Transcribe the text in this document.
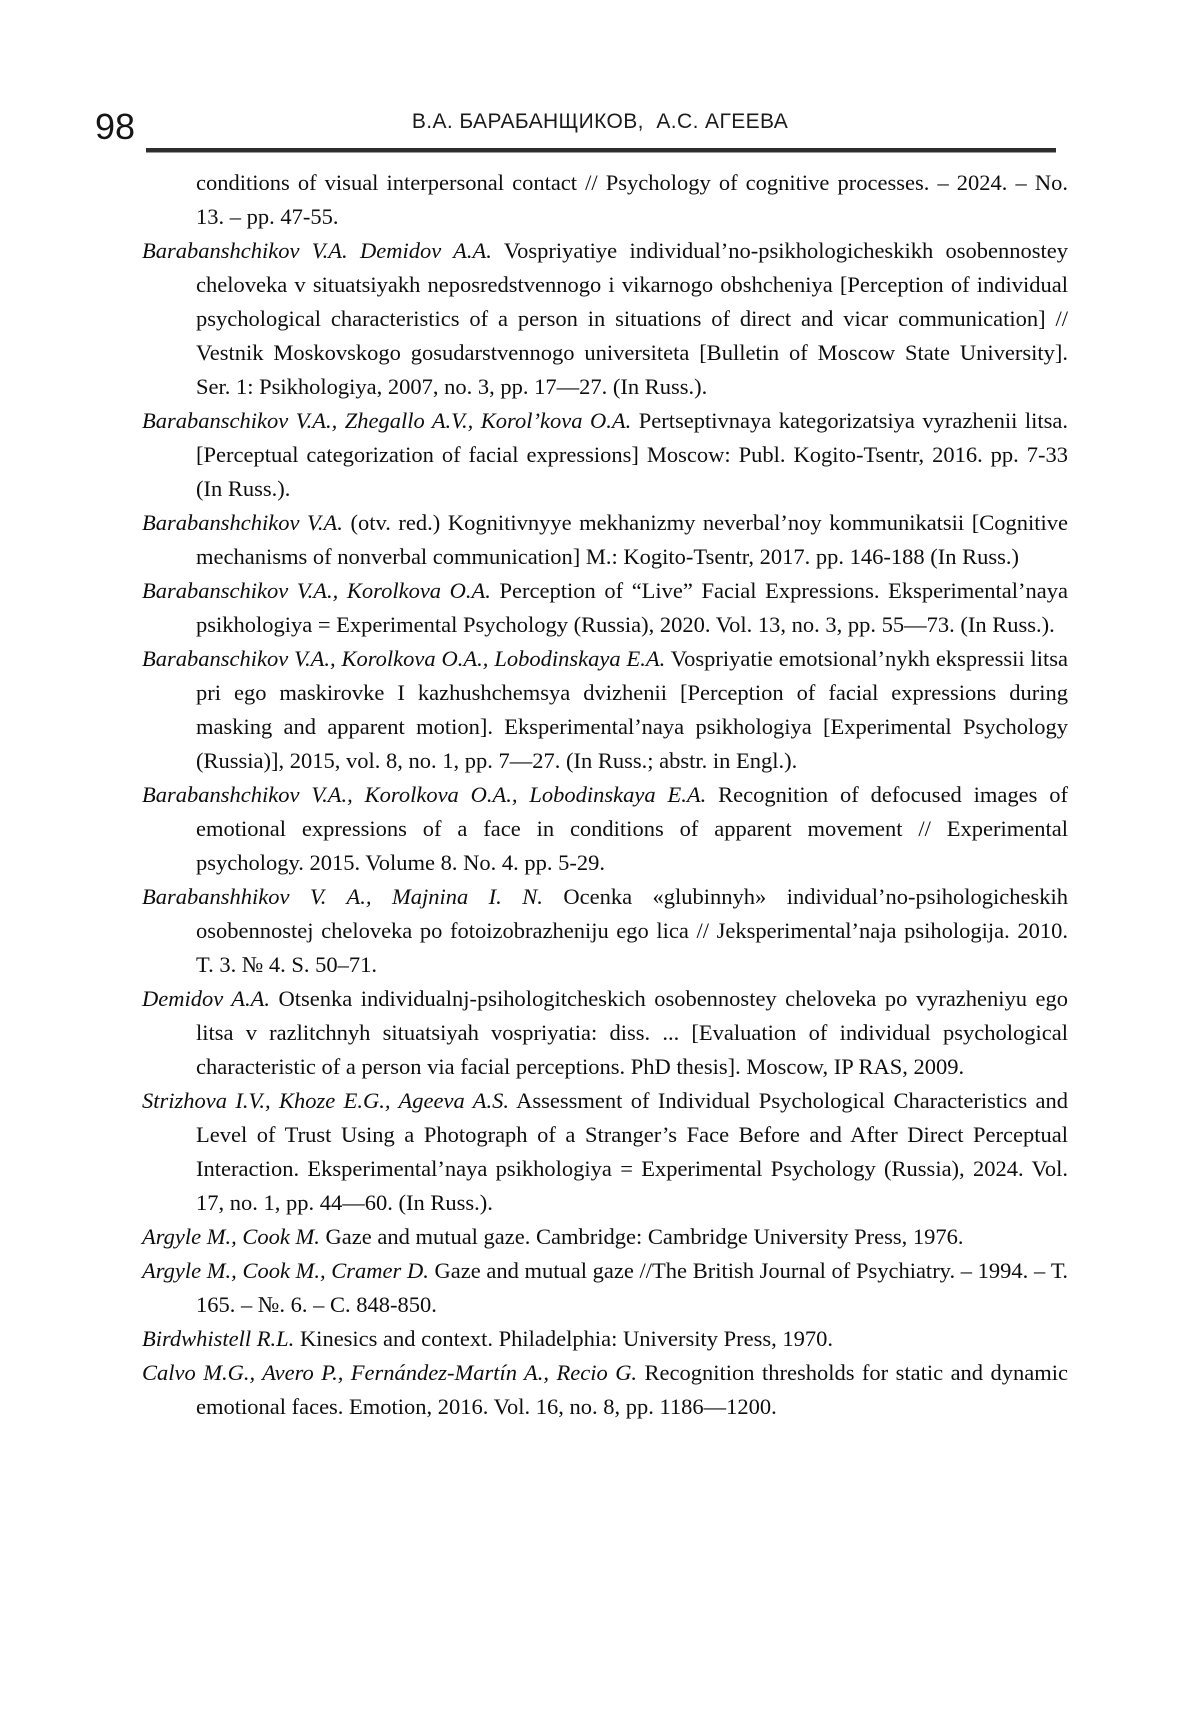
98	В.А. БАРАБАНЩИКОВ,  А.С. АГЕЕВА

conditions of visual interpersonal contact // Psychology of cognitive processes. – 2024. – No. 13. – pp. 47-55.

Barabanshchikov V.A. Demidov A.A. Vospriyatiye individual’no-psikhologicheskikh osobennostey cheloveka v situatsiyakh neposredstvennogo i vikarnogo obshcheniya [Perception of individual psychological characteristics of a person in situations of direct and vicar communication] // Vestnik Moskovskogo gosudarstvennogo universiteta [Bulletin of Moscow State University]. Ser. 1: Psikhologiya, 2007, no. 3, pp. 17—27. (In Russ.).

Barabanschikov V.A., Zhegallo A.V., Korol’kova O.A. Pertseptivnaya kategorizatsiya vyrazhenii litsa. [Perceptual categorization of facial expressions] Moscow: Publ. Kogito-Tsentr, 2016. pp. 7-33 (In Russ.).

Barabanshchikov V.A. (otv. red.) Kognitivnyye mekhanizmy neverbal’noy kommunikatsii [Cognitive mechanisms of nonverbal communication] M.: Kogito-Tsentr, 2017. pp. 146-188 (In Russ.)

Barabanschikov V.A., Korolkova O.A. Perception of “Live” Facial Expressions. Eksperimental’naya psikhologiya = Experimental Psychology (Russia), 2020. Vol. 13, no. 3, pp. 55—73. (In Russ.).

Barabanschikov V.A., Korolkova O.A., Lobodinskaya E.A. Vospriyatie emotsional’nykh ekspressii litsa pri ego maskirovke I kazhushchemsya dvizhenii [Perception of facial expressions during masking and apparent motion]. Eksperimental’naya psikhologiya [Experimental Psychology (Russia)], 2015, vol. 8, no. 1, pp. 7—27. (In Russ.; abstr. in Engl.).

Barabanshchikov V.A., Korolkova O.A., Lobodinskaya E.A. Recognition of defocused images of emotional expressions of a face in conditions of apparent movement // Experimental psychology. 2015. Volume 8. No. 4. pp. 5-29.

Barabanshhikov V. A., Majnina I. N. Ocenka «glubinnyh» individual’no-psihologicheskih osobennostej cheloveka po fotoizobrazheniju ego lica // Jeksperimental’naja psihologija. 2010. T. 3. № 4. S. 50–71.

Demidov A.A. Otsenka individualnj-psihologitcheskich osobennostey cheloveka po vyrazheniyu ego litsa v razlitchnyh situatsiyah vospriyatia: diss. ... [Evaluation of individual psychological characteristic of a person via facial perceptions. PhD thesis]. Moscow, IP RAS, 2009.

Strizhova I.V., Khoze E.G., Ageeva A.S. Assessment of Individual Psychological Characteristics and Level of Trust Using a Photograph of a Stranger’s Face Before and After Direct Perceptual Interaction. Eksperimental’naya psikhologiya = Experimental Psychology (Russia), 2024. Vol. 17, no. 1, pp. 44—60. (In Russ.).

Argyle M., Cook M. Gaze and mutual gaze. Cambridge: Cambridge University Press, 1976.

Argyle M., Cook M., Cramer D. Gaze and mutual gaze //The British Journal of Psychiatry. – 1994. – Т. 165. – №. 6. – С. 848-850.

Birdwhistell R.L. Kinesics and context. Philadelphia: University Press, 1970.

Calvo M.G., Avero P., Fernández-Martín A., Recio G. Recognition thresholds for static and dynamic emotional faces. Emotion, 2016. Vol. 16, no. 8, pp. 1186—1200.
